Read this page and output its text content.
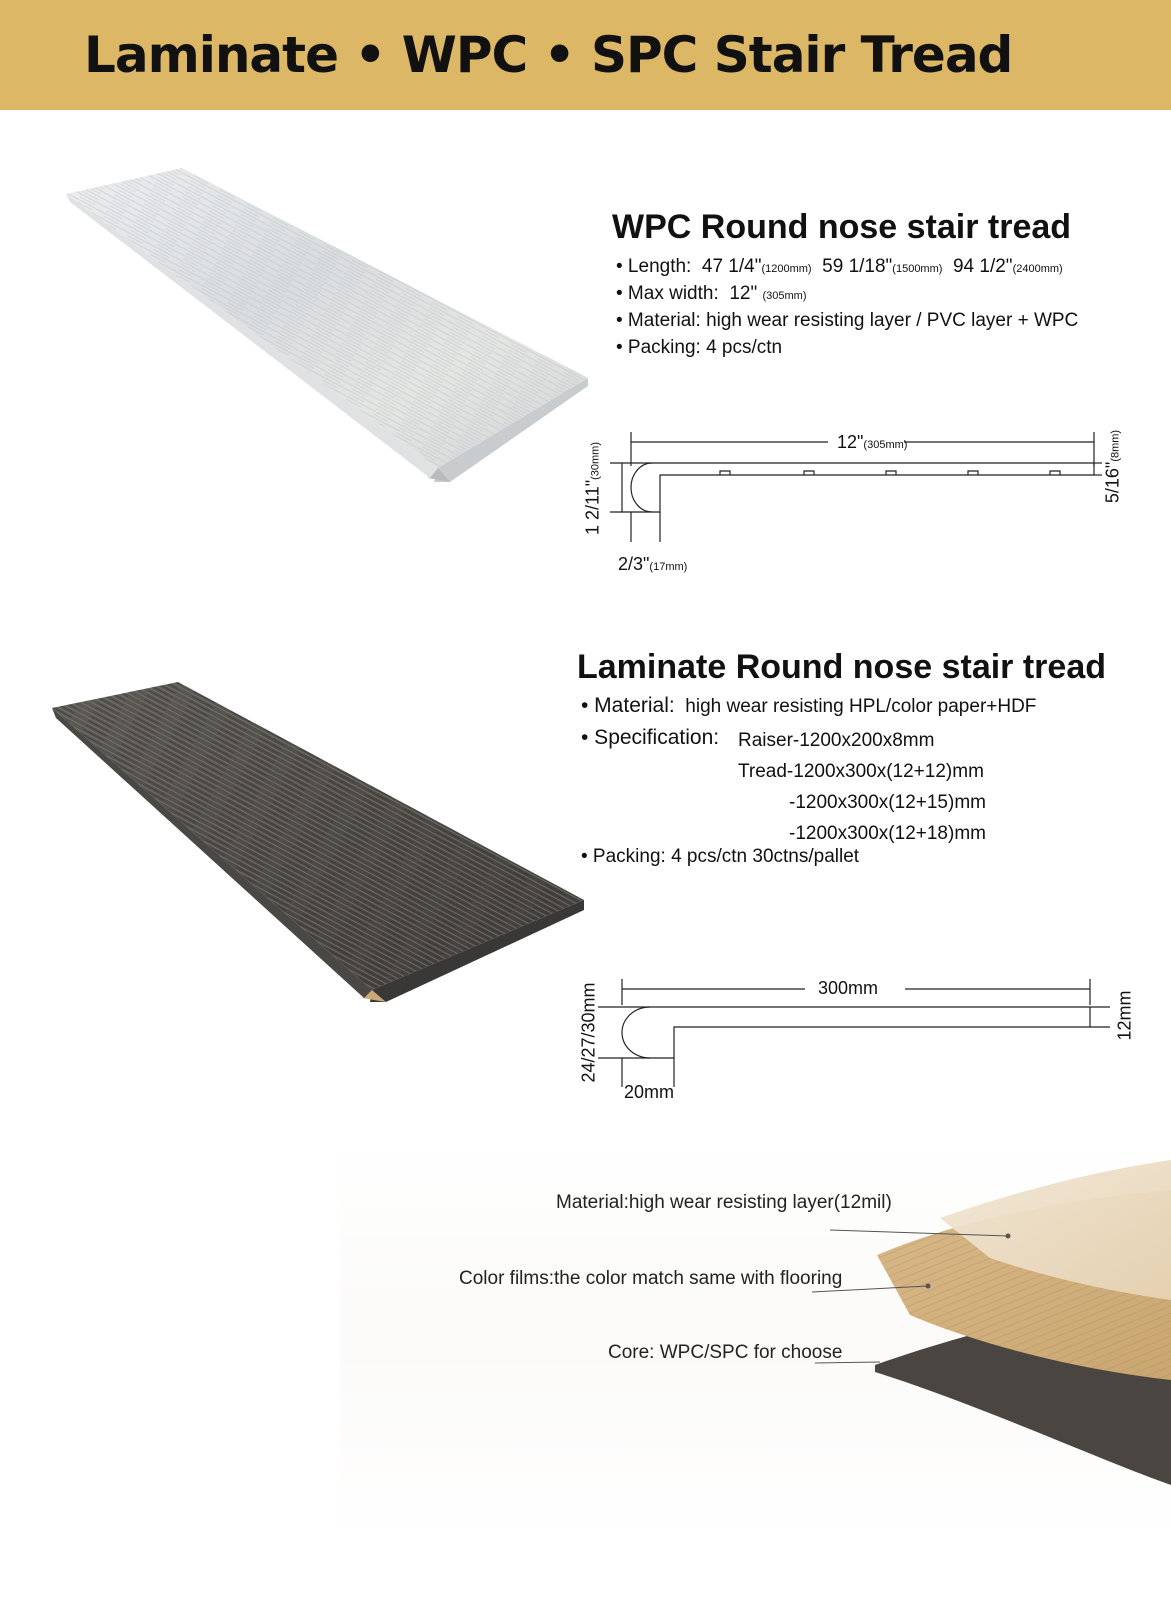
Laminate • WPC • SPC Stair Tread
WPC Round nose stair tread
• Length: 47 1/4"(1200mm) 59 1/18"(1500mm) 94 1/2"(2400mm)
• Max width: 12" (305mm)
• Material: high wear resisting layer / PVC layer + WPC
• Packing: 4 pcs/ctn
12"(305mm)
1 2/11"(30mm)
5/16"(8mm)
2/3"(17mm)
Laminate Round nose stair tread
• Material: high wear resisting HPL/color paper+HDF
• Specification: Raiser-1200x200x8mm
Tread-1200x300x(12+12)mm
-1200x300x(12+15)mm
-1200x300x(12+18)mm
• Packing: 4 pcs/ctn 30ctns/pallet
300mm
24/27/30mm	12mm
20mm
Material:high wear resisting layer(12mil)
Color films:the color match same with flooring
Core: WPC/SPC for choose
